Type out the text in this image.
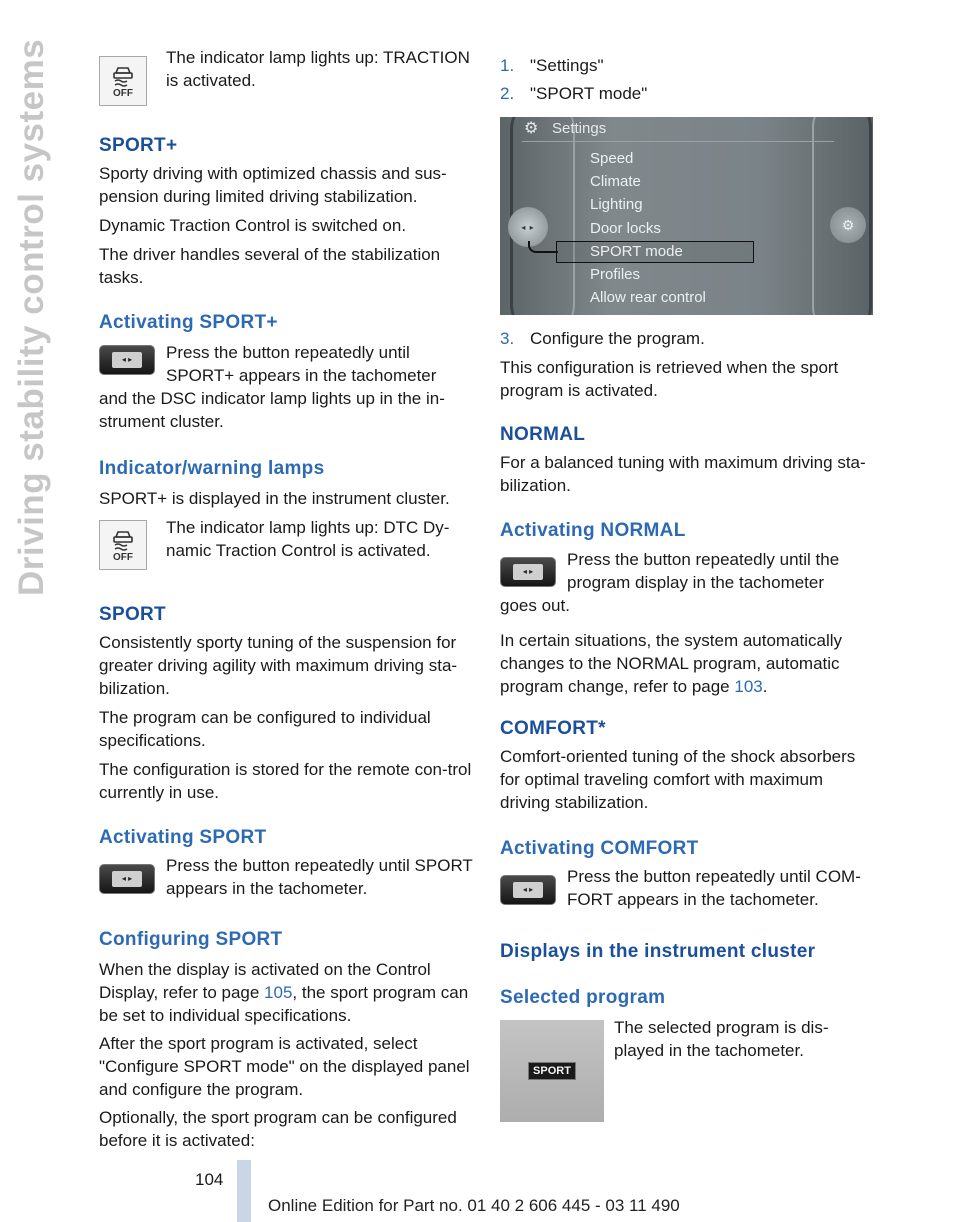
Driving stability control systems	OFF

The indicator lamp lights up: TRACTION is activated.

SPORT+

Sporty driving with optimized chassis and sus-pension during limited driving stabilization.

Dynamic Traction Control is switched on.

The driver handles several of the stabilization tasks.

Activating SPORT+
◂ ▸	Press the button repeatedly until SPORT+ appears in the tachometer

and the DSC indicator lamp lights up in the in-strument cluster.

Indicator/warning lamps

SPORT+ is displayed in the instrument cluster.

OFF

The indicator lamp lights up: DTC Dy-namic Traction Control is activated.

SPORT

Consistently sporty tuning of the suspension for greater driving agility with maximum driving sta-bilization.

The program can be configured to individual specifications.

The configuration is stored for the remote con-trol currently in use.

Activating SPORT
◂ ▸

Press the button repeatedly until SPORT appears in the tachometer.

Configuring SPORT

When the display is activated on the Control Display, refer to page 105, the sport program can be set to individual specifications.

After the sport program is activated, select "Configure SPORT mode" on the displayed panel and configure the program.

Optionally, the sport program can be configured before it is activated:

1. "Settings"

2. "SPORT mode"

⚙ Settings
◂ ▸
Speed
Climate
Lighting
Door locks
SPORT mode
Profiles
Allow rear control
⚙

3. Configure the program.

This configuration is retrieved when the sport program is activated.

NORMAL

For a balanced tuning with maximum driving sta-bilization.

Activating NORMAL
◂ ▸

Press the button repeatedly until the program display in the tachometer

goes out.

In certain situations, the system automatically changes to the NORMAL program, automatic program change, refer to page 103.

COMFORT*

Comfort-oriented tuning of the shock absorbers for optimal traveling comfort with maximum driving stabilization.

Activating COMFORT
◂ ▸

Press the button repeatedly until COM-FORT appears in the tachometer.

Displays in the instrument cluster
Selected program
SPORT

The selected program is dis-played in the tachometer.

104
Online Edition for Part no. 01 40 2 606 445 - 03 11 490
